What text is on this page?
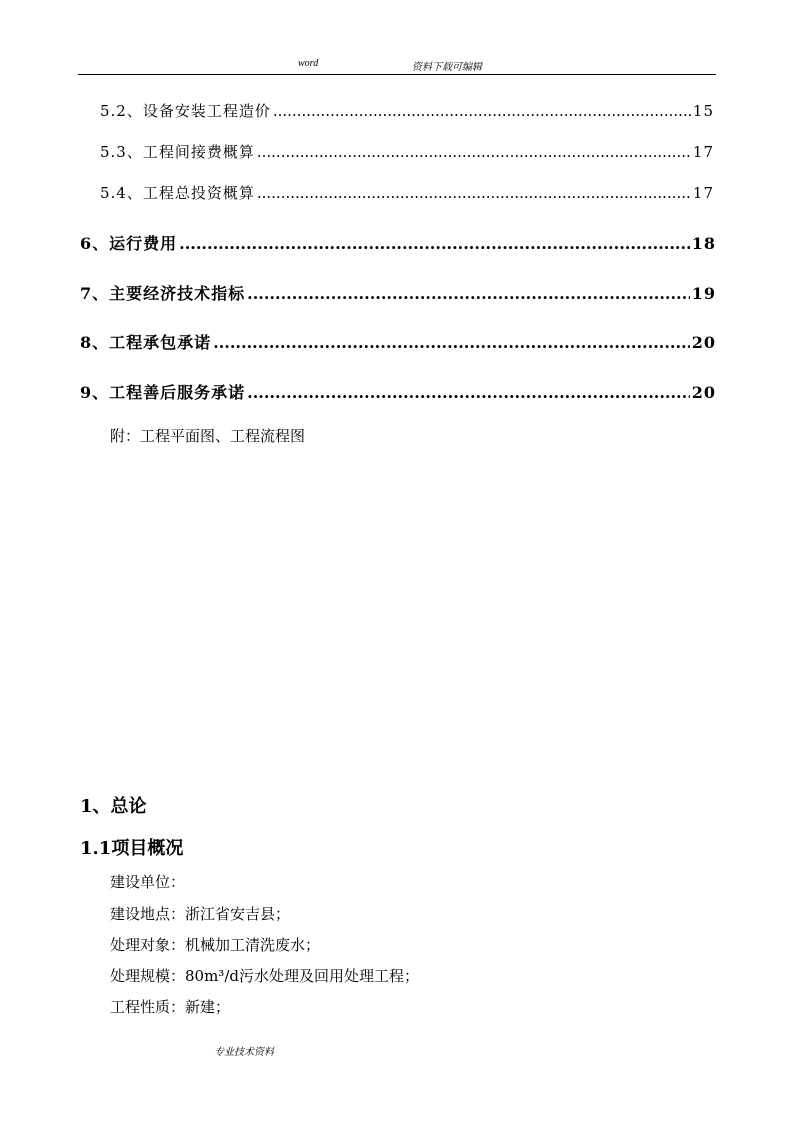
word	资料下载可编辑
5.2、设备安装工程造价 .....	15
5.3、工程间接费概算 .....	17
5.4、工程总投资概算 .....	17
6、运行费用 .....	18
7、主要经济技术指标 .....	19
8、工程承包承诺 .....	20
9、工程善后服务承诺 .....	20
附：工程平面图、工程流程图
1、总论
1.1项目概况
建设单位：
建设地点：浙江省安吉县；
处理对象：机械加工清洗废水；
处理规模：80m³/d污水处理及回用处理工程；
工程性质：新建；
专业技术资料
